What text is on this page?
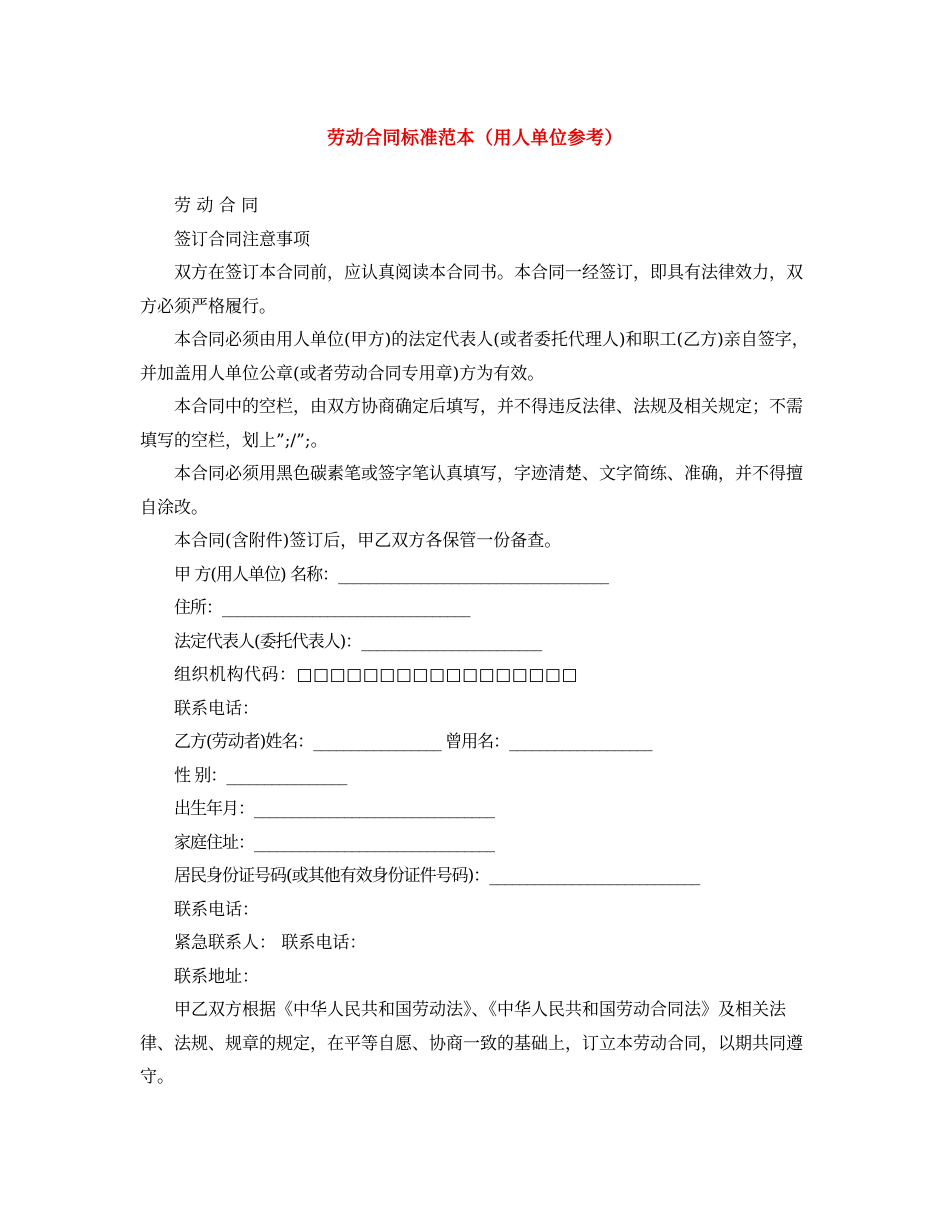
劳动合同标准范本（用人单位参考）

劳 动 合 同

签订合同注意事项

双方在签订本合同前，应认真阅读本合同书。本合同一经签订，即具有法律效力，双方必须严格履行。

本合同必须由用人单位(甲方)的法定代表人(或者委托代理人)和职工(乙方)亲自签字，并加盖用人单位公章(或者劳动合同专用章)方为有效。

本合同中的空栏，由双方协商确定后填写，并不得违反法律、法规及相关规定；不需填写的空栏，划上”;/”;。

本合同必须用黑色碳素笔或签字笔认真填写，字迹清楚、文字简练、准确，并不得擅自涂改。

本合同(含附件)签订后，甲乙双方各保管一份备查。

甲 方(用人单位) 名称：____________________________________

住所：_________________________________

法定代表人(委托代表人)：________________________

组织机构代码：□□□□□□□□□□□□□□□□□

联系电话：

乙方(劳动者)姓名：_________________ 曾用名：___________________

性 别：________________

出生年月：________________________________

家庭住址：________________________________

居民身份证号码(或其他有效身份证件号码)：____________________________

联系电话：

紧急联系人： 联系电话：

联系地址：

甲乙双方根据《中华人民共和国劳动法》、《中华人民共和国劳动合同法》及相关法律、法规、规章的规定，在平等自愿、协商一致的基础上，订立本劳动合同，以期共同遵守。
